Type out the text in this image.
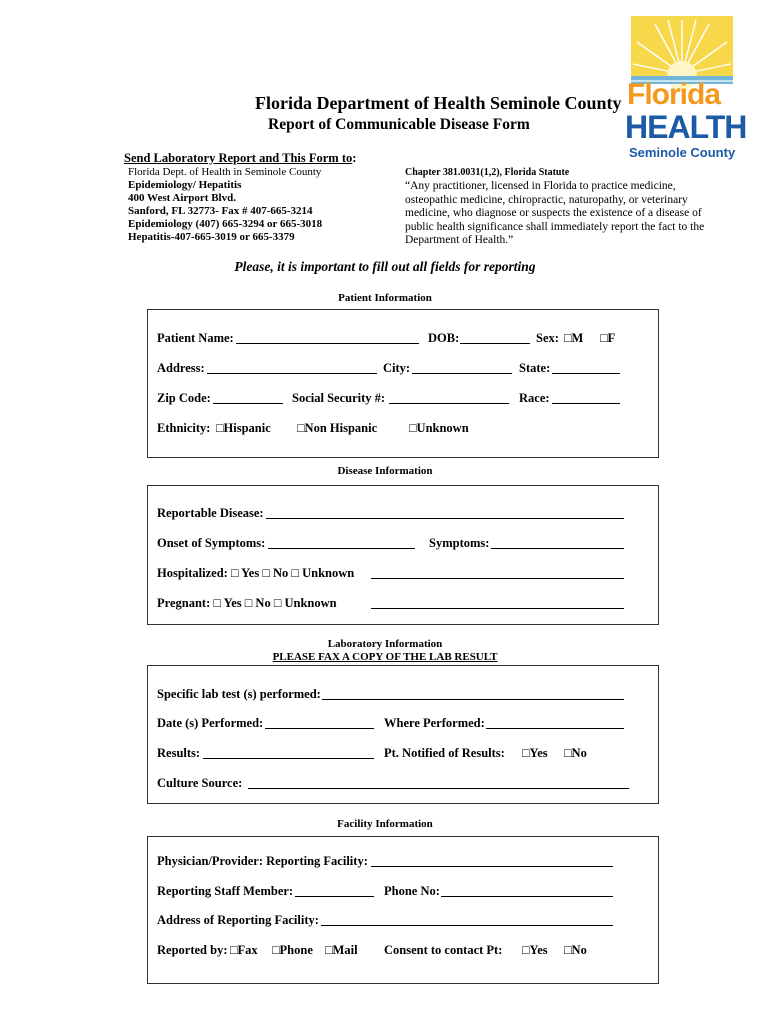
Florida
HEALTH
Seminole County
Florida Department of Health Seminole County
Report of Communicable Disease Form
Send Laboratory Report and This Form to:
Florida Dept. of Health in Seminole County
Epidemiology/ Hepatitis
400 West Airport Blvd.
Sanford, FL 32773- Fax # 407-665-3214
Epidemiology (407) 665-3294 or 665-3018
Hepatitis-407-665-3019 or 665-3379
Chapter 381.0031(1,2), Florida Statute
“Any practitioner, licensed in Florida to practice medicine, osteopathic medicine, chiropractic, naturopathy, or veterinary medicine, who diagnose or suspects the existence of a disease of public health significance shall immediately report the fact to the Department of Health.”
Please, it is important to fill out all fields for reporting
Patient Information
Patient Name:	DOB:	Sex: □M □F
Address:	City:	State:
Zip Code:	Social Security #:	Race:
Ethnicity: □Hispanic □Non Hispanic	□Unknown
Disease Information
Reportable Disease:
Onset of Symptoms:	Symptoms:
Hospitalized: □ Yes □ No □ Unknown
Pregnant: □ Yes □ No □ Unknown
Laboratory Information
PLEASE FAX A COPY OF THE LAB RESULT
Specific lab test (s) performed:
Date (s) Performed:	Where Performed:
Results:	Pt. Notified of Results: □Yes □No
Culture Source:
Facility Information
Physician/Provider: Reporting Facility:
Reporting Staff Member:	Phone No:
Address of Reporting Facility:
Reported by: □Fax □Phone □Mail Consent to contact Pt: □Yes □No
